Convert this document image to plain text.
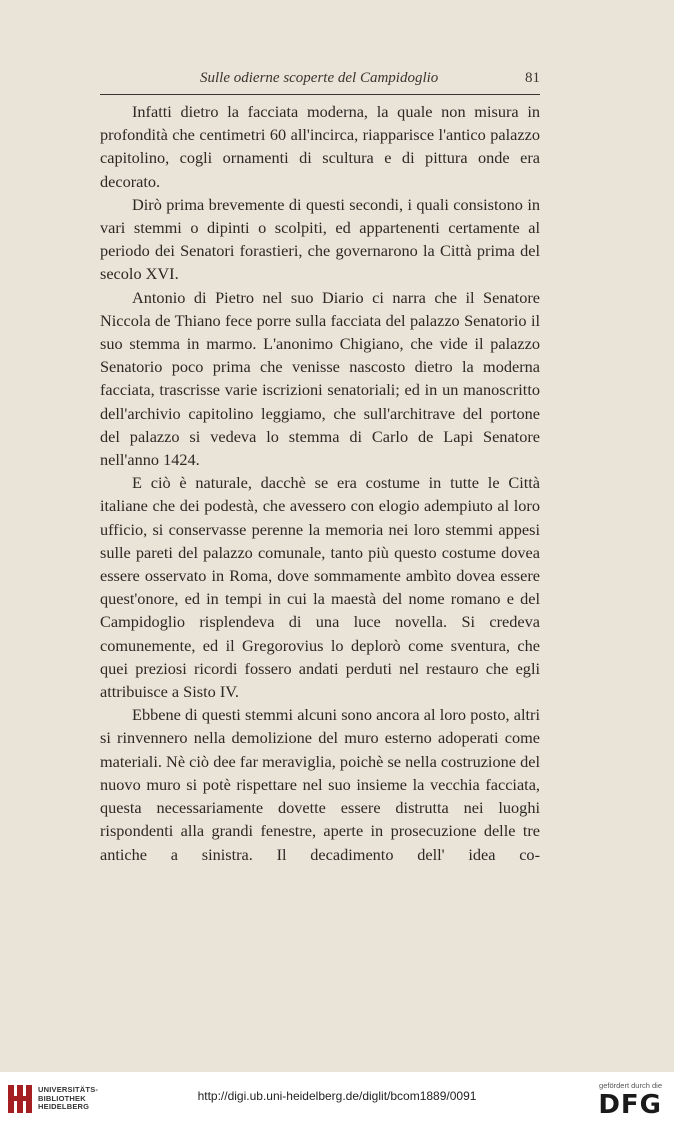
Sulle odierne scoperte del Campidoglio	81

Infatti dietro la facciata moderna, la quale non misura in profondità che centimetri 60 all'incirca, riapparisce l'antico palazzo capitolino, cogli ornamenti di scultura e di pittura onde era decorato.

Dirò prima brevemente di questi secondi, i quali consistono in vari stemmi o dipinti o scolpiti, ed appartenenti certamente al periodo dei Senatori forastieri, che governarono la Città prima del secolo XVI.

Antonio di Pietro nel suo Diario ci narra che il Senatore Niccola de Thiano fece porre sulla facciata del palazzo Senatorio il suo stemma in marmo. L'anonimo Chigiano, che vide il palazzo Senatorio poco prima che venisse nascosto dietro la moderna facciata, trascrisse varie iscrizioni senatoriali; ed in un manoscritto dell'archivio capitolino leggiamo, che sull'architrave del portone del palazzo si vedeva lo stemma di Carlo de Lapi Senatore nell'anno 1424.

E ciò è naturale, dacchè se era costume in tutte le Città italiane che dei podestà, che avessero con elogio adempiuto al loro ufficio, si conservasse perenne la memoria nei loro stemmi appesi sulle pareti del palazzo comunale, tanto più questo costume dovea essere osservato in Roma, dove sommamente ambìto dovea essere quest'onore, ed in tempi in cui la maestà del nome romano e del Campidoglio risplendeva di una luce novella. Si credeva comunemente, ed il Gregorovius lo deplorò come sventura, che quei preziosi ricordi fossero andati perduti nel restauro che egli attribuisce a Sisto IV.

Ebbene di questi stemmi alcuni sono ancora al loro posto, altri si rinvennero nella demolizione del muro esterno adoperati come materiali. Nè ciò dee far meraviglia, poichè se nella costruzione del nuovo muro si potè rispettare nel suo insieme la vecchia facciata, questa necessariamente dovette essere distrutta nei luoghi rispondenti alla grandi fenestre, aperte in prosecuzione delle tre antiche a sinistra. Il decadimento dell' idea co-

UNIVERSITÄTS-
BIBLIOTHEK
HEIDELBERG
http://digi.ub.uni-heidelberg.de/diglit/bcom1889/0091
gefördert durch die
DFG
